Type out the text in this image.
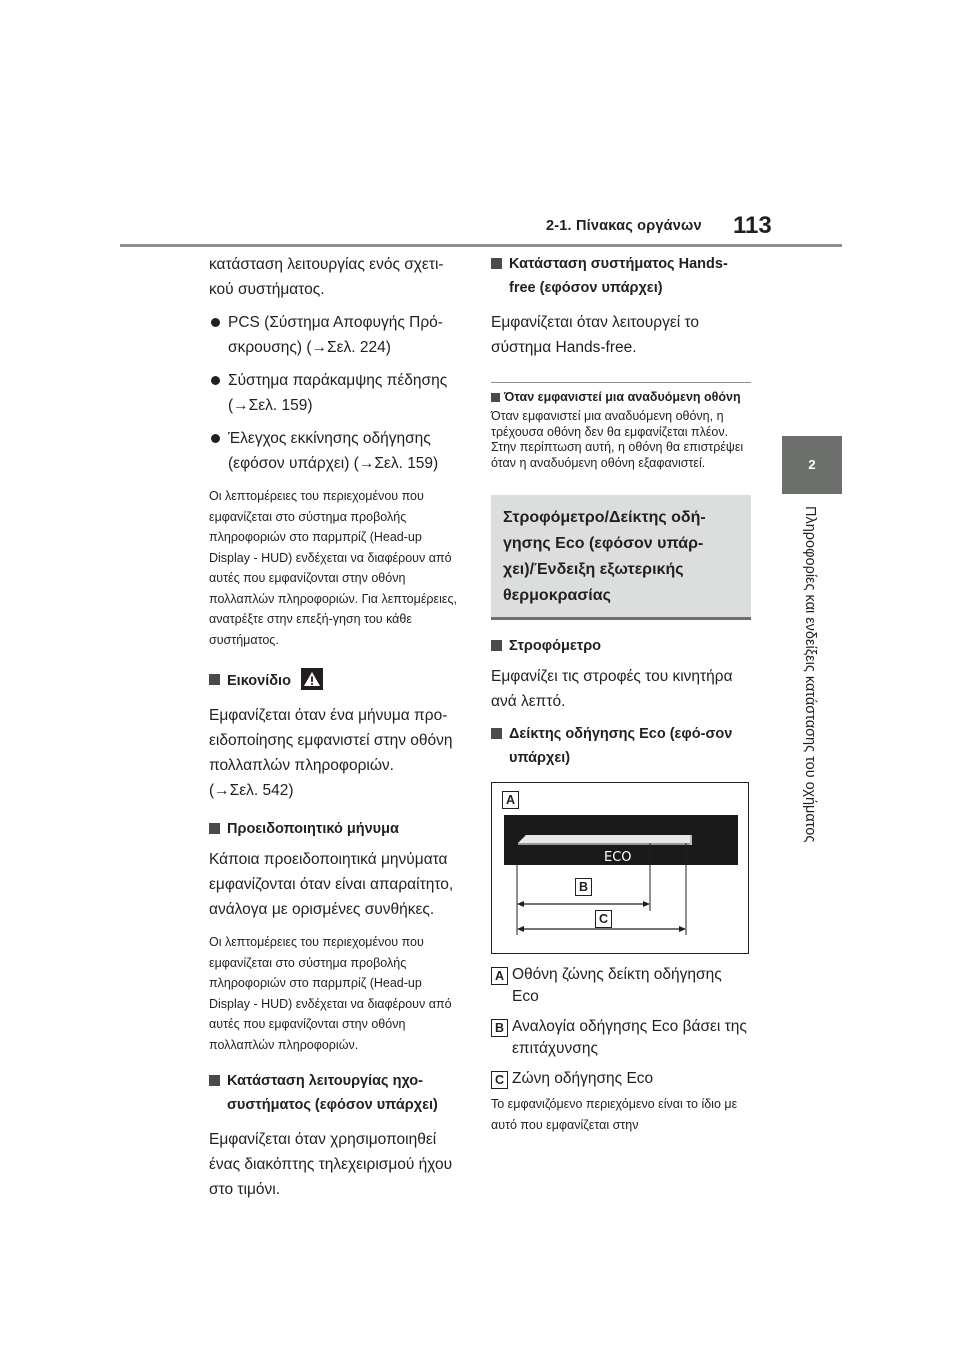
2-1. Πίνακας οργάνων 113
2
Πληροφορίες και ενδείξεις κατάστασης του οχήματος
κατάσταση λειτουργίας ενός σχετι-κού συστήματος.
PCS (Σύστημα Αποφυγής Πρό-σκρουσης) (→Σελ. 224)
Σύστημα παράκαμψης πέδησης (→Σελ. 159)
Έλεγχος εκκίνησης οδήγησης (εφόσον υπάρχει) (→Σελ. 159)
Οι λεπτομέρειες του περιεχομένου που εμφανίζεται στο σύστημα προβολής πληροφοριών στο παρμπρίζ (Head-up Display - HUD) ενδέχεται να διαφέρουν από αυτές που εμφανίζονται στην οθόνη πολλαπλών πληροφοριών. Για λεπτομέρειες, ανατρέξτε στην επεξή-γηση του κάθε συστήματος.
Εικονίδιο
Εμφανίζεται όταν ένα μήνυμα προ-ειδοποίησης εμφανιστεί στην οθόνη πολλαπλών πληροφοριών.
(→Σελ. 542)
Προειδοποιητικό μήνυμα
Κάποια προειδοποιητικά μηνύματα εμφανίζονται όταν είναι απαραίτητο, ανάλογα με ορισμένες συνθήκες.
Οι λεπτομέρειες του περιεχομένου που εμφανίζεται στο σύστημα προβολής πληροφοριών στο παρμπρίζ (Head-up Display - HUD) ενδέχεται να διαφέρουν από αυτές που εμφανίζονται στην οθόνη πολλαπλών πληροφοριών.
Κατάσταση λειτουργίας ηχο-συστήματος (εφόσον υπάρχει)
Εμφανίζεται όταν χρησιμοποιηθεί ένας διακόπτης τηλεχειρισμού ήχου στο τιμόνι.
Κατάσταση συστήματος Hands-free (εφόσον υπάρχει)
Εμφανίζεται όταν λειτουργεί το σύστημα Hands-free.
Όταν εμφανιστεί μια αναδυόμενη οθόνη
Όταν εμφανιστεί μια αναδυόμενη οθόνη, η τρέχουσα οθόνη δεν θα εμφανίζεται πλέον. Στην περίπτωση αυτή, η οθόνη θα επιστρέψει όταν η αναδυόμενη οθόνη εξαφανιστεί.
Στροφόμετρο/Δείκτης οδή-
γησης Eco (εφόσον υπάρ-
χει)/Ένδειξη εξωτερικής
θερμοκρασίας
Στροφόμετρο
Εμφανίζει τις στροφές του κινητήρα ανά λεπτό.
Δείκτης οδήγησης Eco (εφό-σον υπάρχει)
A
ECO
B
C
A Οθόνη ζώνης δείκτη οδήγησης Eco
B Αναλογία οδήγησης Eco βάσει της επιτάχυνσης
C Ζώνη οδήγησης Eco
Το εμφανιζόμενο περιεχόμενο είναι το ίδιο με αυτό που εμφανίζεται στην
